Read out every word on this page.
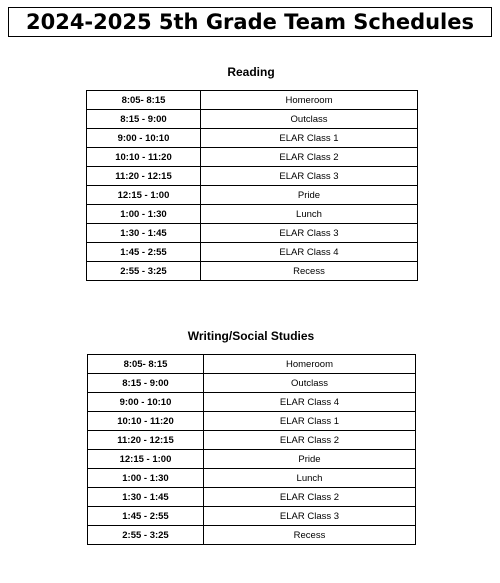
2024-2025 5th Grade Team Schedules
Reading
8:05- 8:15	Homeroom
8:15 - 9:00	Outclass
9:00 - 10:10	ELAR Class 1
10:10 - 11:20	ELAR Class 2
11:20 - 12:15	ELAR Class 3
12:15 - 1:00	Pride
1:00 - 1:30	Lunch
1:30 - 1:45	ELAR Class 3
1:45 - 2:55	ELAR Class 4
2:55 - 3:25	Recess
Writing/Social Studies
8:05- 8:15	Homeroom
8:15 - 9:00	Outclass
9:00 - 10:10	ELAR Class 4
10:10 - 11:20	ELAR Class 1
11:20 - 12:15	ELAR Class 2
12:15 - 1:00	Pride
1:00 - 1:30	Lunch
1:30 - 1:45	ELAR Class 2
1:45 - 2:55	ELAR Class 3
2:55 - 3:25	Recess
